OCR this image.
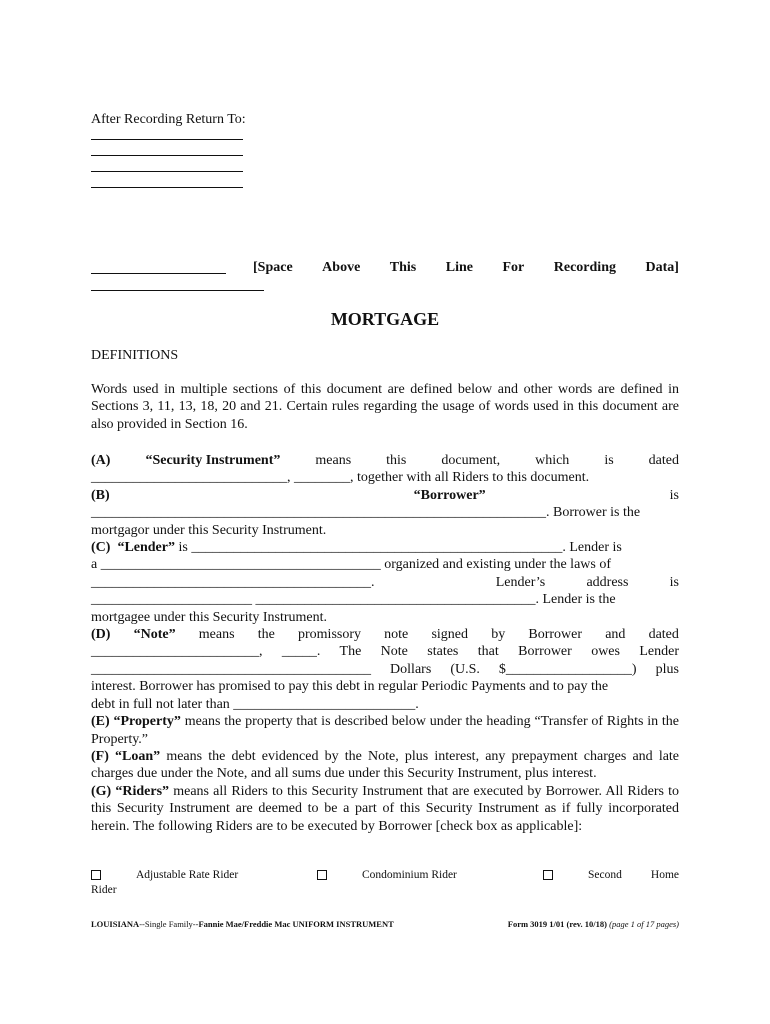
After Recording Return To:
[Space Above This Line For Recording Data]
MORTGAGE
DEFINITIONS
Words used in multiple sections of this document are defined below and other words are defined in Sections 3, 11, 13, 18, 20 and 21. Certain rules regarding the usage of words used in this document are also provided in Section 16.
(A)	“Security Instrument”	means	this	document,	which	is	dated
____________________________, ________, together with all Riders to this document.
(B)	“Borrower”	is
_________________________________________________________________. Borrower is the
mortgagor under this Security Instrument.
(C) “Lender” is _____________________________________________________. Lender is
a ________________________________________ organized and existing under the laws of
________________________________________.	Lender’s	address	is
_______________________ ________________________________________. Lender is the
mortgagee under this Security Instrument.
(D) “Note” means the promissory note signed by Borrower and dated
________________________, _____. The Note states that Borrower owes Lender
________________________________________ Dollars (U.S. $__________________) plus
interest. Borrower has promised to pay this debt in regular Periodic Payments and to pay the
debt in full not later than __________________________.
(E) “Property” means the property that is described below under the heading “Transfer of Rights in the Property.”
(F) “Loan” means the debt evidenced by the Note, plus interest, any prepayment charges and late charges due under the Note, and all sums due under this Security Instrument, plus interest.
(G) “Riders” means all Riders to this Security Instrument that are executed by Borrower. All Riders to this Security Instrument are deemed to be a part of this Security Instrument as if fully incorporated herein. The following Riders are to be executed by Borrower [check box as applicable]:
Adjustable Rate Rider	Condominium Rider	Second	Home
Rider
LOUISIANA--Single Family--Fannie Mae/Freddie Mac UNIFORM INSTRUMENT	Form 3019 1/01 (rev. 10/18) (page 1 of 17 pages)
